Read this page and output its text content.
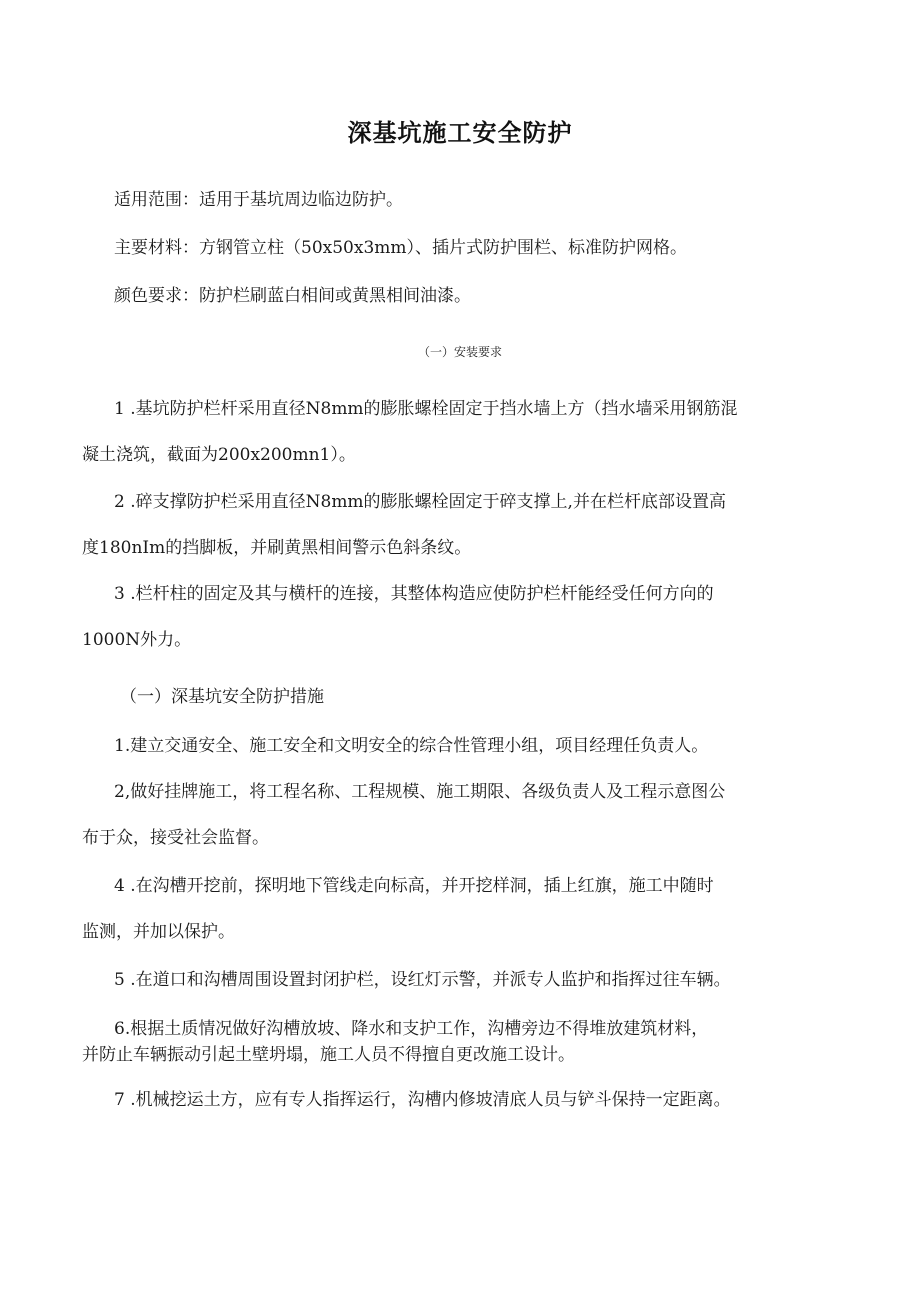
深基坑施工安全防护

适用范围：适用于基坑周边临边防护。

主要材料：方钢管立柱（50x50x3mm）、插片式防护围栏、标准防护网格。

颜色要求：防护栏刷蓝白相间或黄黑相间油漆。

（一）安装要求

1 .基坑防护栏杆采用直径N8mm的膨胀螺栓固定于挡水墙上方（挡水墙采用钢筋混

凝土浇筑，截面为200x200mn1）。

2 .碎支撑防护栏采用直径N8mm的膨胀螺栓固定于碎支撑上,并在栏杆底部设置高

度180nIm的挡脚板，并刷黄黑相间警示色斜条纹。

3 .栏杆柱的固定及其与横杆的连接，其整体构造应使防护栏杆能经受任何方向的

1000N外力。

（一）深基坑安全防护措施

1.建立交通安全、施工安全和文明安全的综合性管理小组，项目经理任负责人。

2,做好挂牌施工，将工程名称、工程规模、施工期限、各级负责人及工程示意图公

布于众，接受社会监督。

4 .在沟槽开挖前，探明地下管线走向标高，并开挖样洞，插上红旗，施工中随时

监测，并加以保护。

5 .在道口和沟槽周围设置封闭护栏，设红灯示警，并派专人监护和指挥过往车辆。

6.根据土质情况做好沟槽放坡、降水和支护工作，沟槽旁边不得堆放建筑材料，

并防止车辆振动引起土壁坍塌，施工人员不得擅自更改施工设计。

7 .机械挖运土方，应有专人指挥运行，沟槽内修坡清底人员与铲斗保持一定距离。
